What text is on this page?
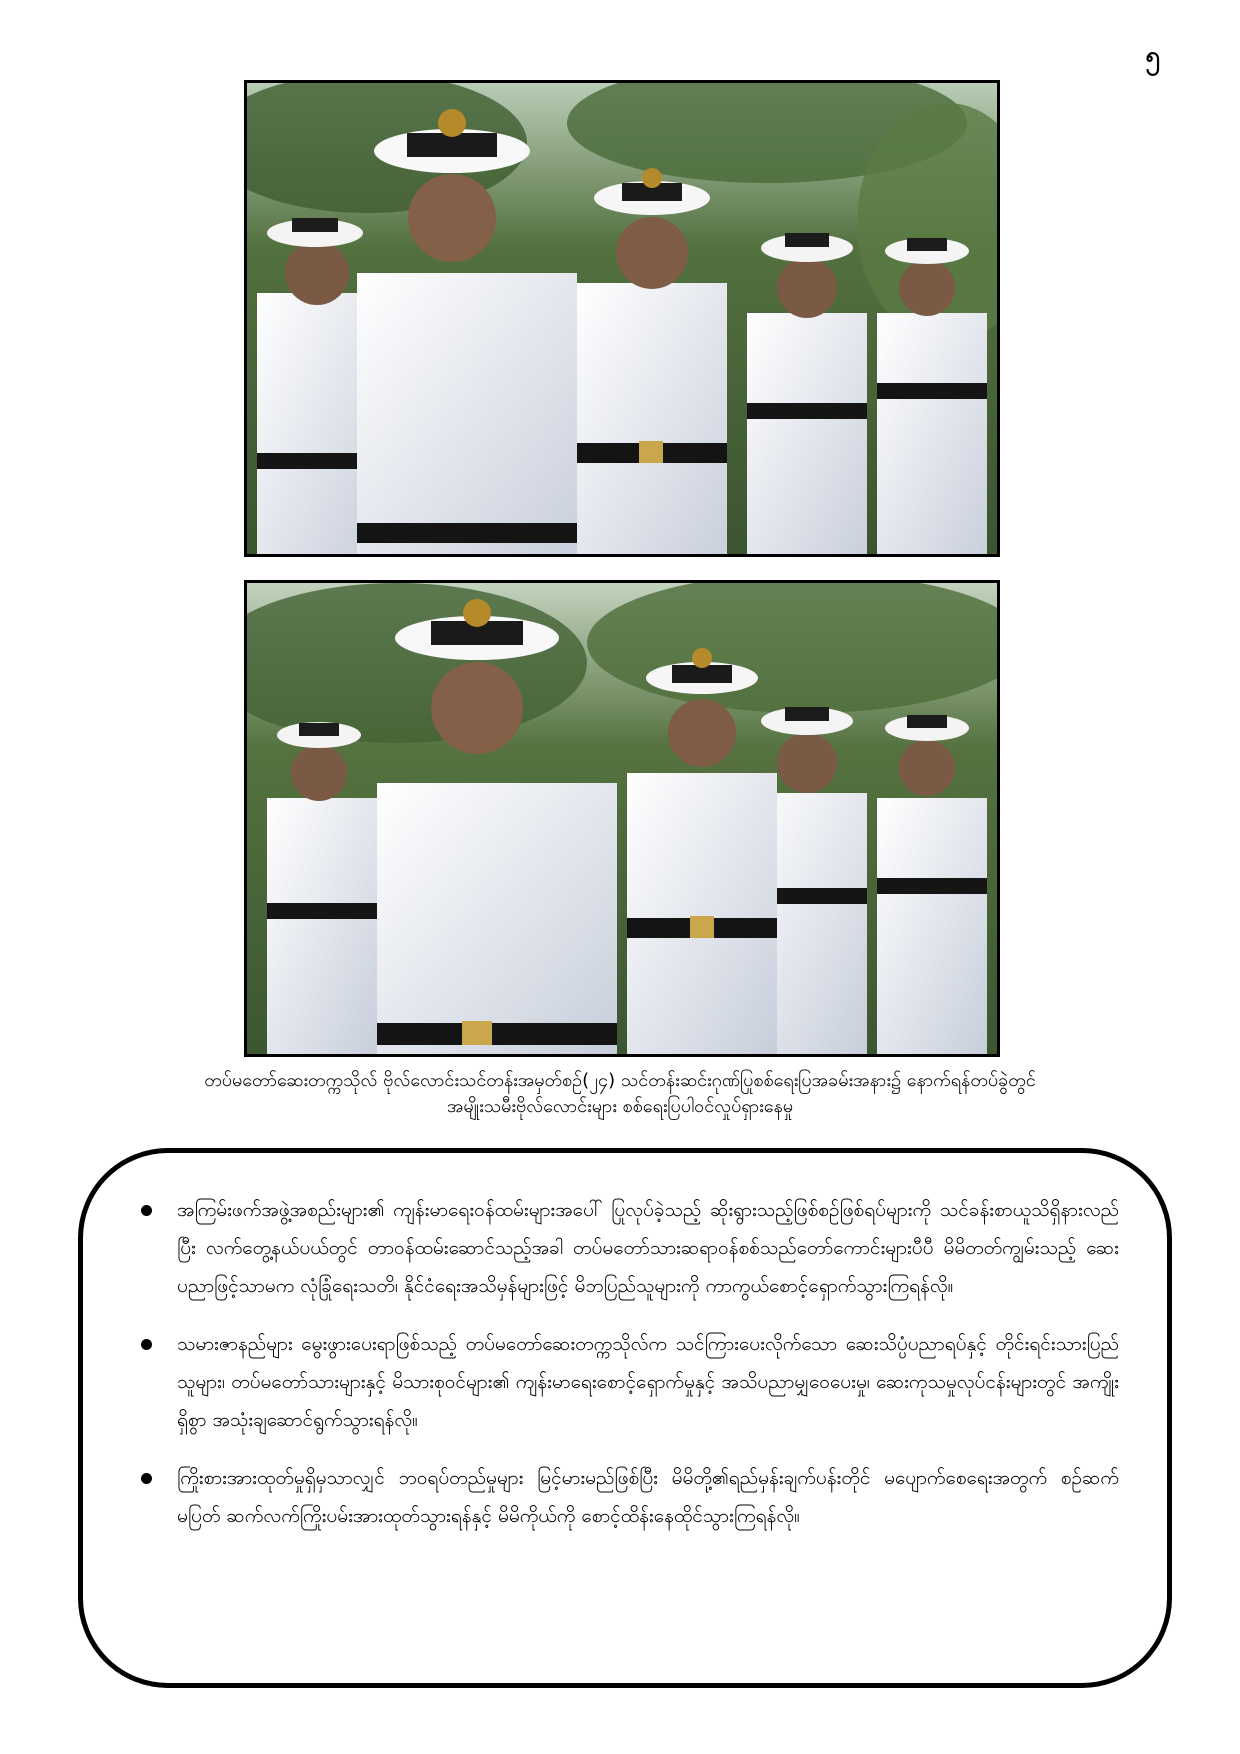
၅
တပ်မတော်ဆေးတက္ကသိုလ် ဗိုလ်လောင်းသင်တန်းအမှတ်စဉ်(၂၄) သင်တန်းဆင်းဂုဏ်ပြုစစ်ရေးပြအခမ်းအနား၌ နောက်ရန်တပ်ခွဲတွင်
အမျိုးသမီးဗိုလ်လောင်းများ စစ်ရေးပြပါဝင်လှုပ်ရှားနေမှု
အကြမ်းဖက်အဖွဲ့အစည်းများ၏ ကျန်းမာရေးဝန်ထမ်းများအပေါ် ပြုလုပ်ခဲ့သည့် ဆိုးရွားသည့်ဖြစ်စဉ်ဖြစ်ရပ်များကို သင်ခန်းစာယူသိရှိနားလည်ပြီး လက်တွေ့နယ်ပယ်တွင် တာဝန်ထမ်းဆောင်သည့်အခါ တပ်မတော်သားဆရာဝန်စစ်သည်တော်ကောင်းများပီပီ မိမိတတ်ကျွမ်းသည့် ဆေးပညာဖြင့်သာမက လုံခြုံရေးသတိ၊ နိုင်ငံရေးအသိမှန်များဖြင့် မိဘပြည်သူများကို ကာကွယ်စောင့်ရှောက်သွားကြရန်လို။
သမားဇာနည်များ မွေးဖွားပေးရာဖြစ်သည့် တပ်မတော်ဆေးတက္ကသိုလ်က သင်ကြားပေးလိုက်သော ဆေးသိပ္ပံပညာရပ်နှင့် တိုင်းရင်းသားပြည်သူများ၊ တပ်မတော်သားများနှင့် မိသားစုဝင်များ၏ ကျန်းမာရေးစောင့်ရှောက်မှုနှင့် အသိပညာမျှဝေပေးမှု၊ ဆေးကုသမှုလုပ်ငန်းများတွင် အကျိုးရှိစွာ အသုံးချဆောင်ရွက်သွားရန်လို။
ကြိုးစားအားထုတ်မှုရှိမှသာလျှင် ဘဝရပ်တည်မှုများ မြင့်မားမည်ဖြစ်ပြီး မိမိတို့၏ရည်မှန်းချက်ပန်းတိုင် မပျောက်စေရေးအတွက် စဉ်ဆက်မပြတ် ဆက်လက်ကြိုးပမ်းအားထုတ်သွားရန်နှင့် မိမိကိုယ်ကို စောင့်ထိန်းနေထိုင်သွားကြရန်လို။
